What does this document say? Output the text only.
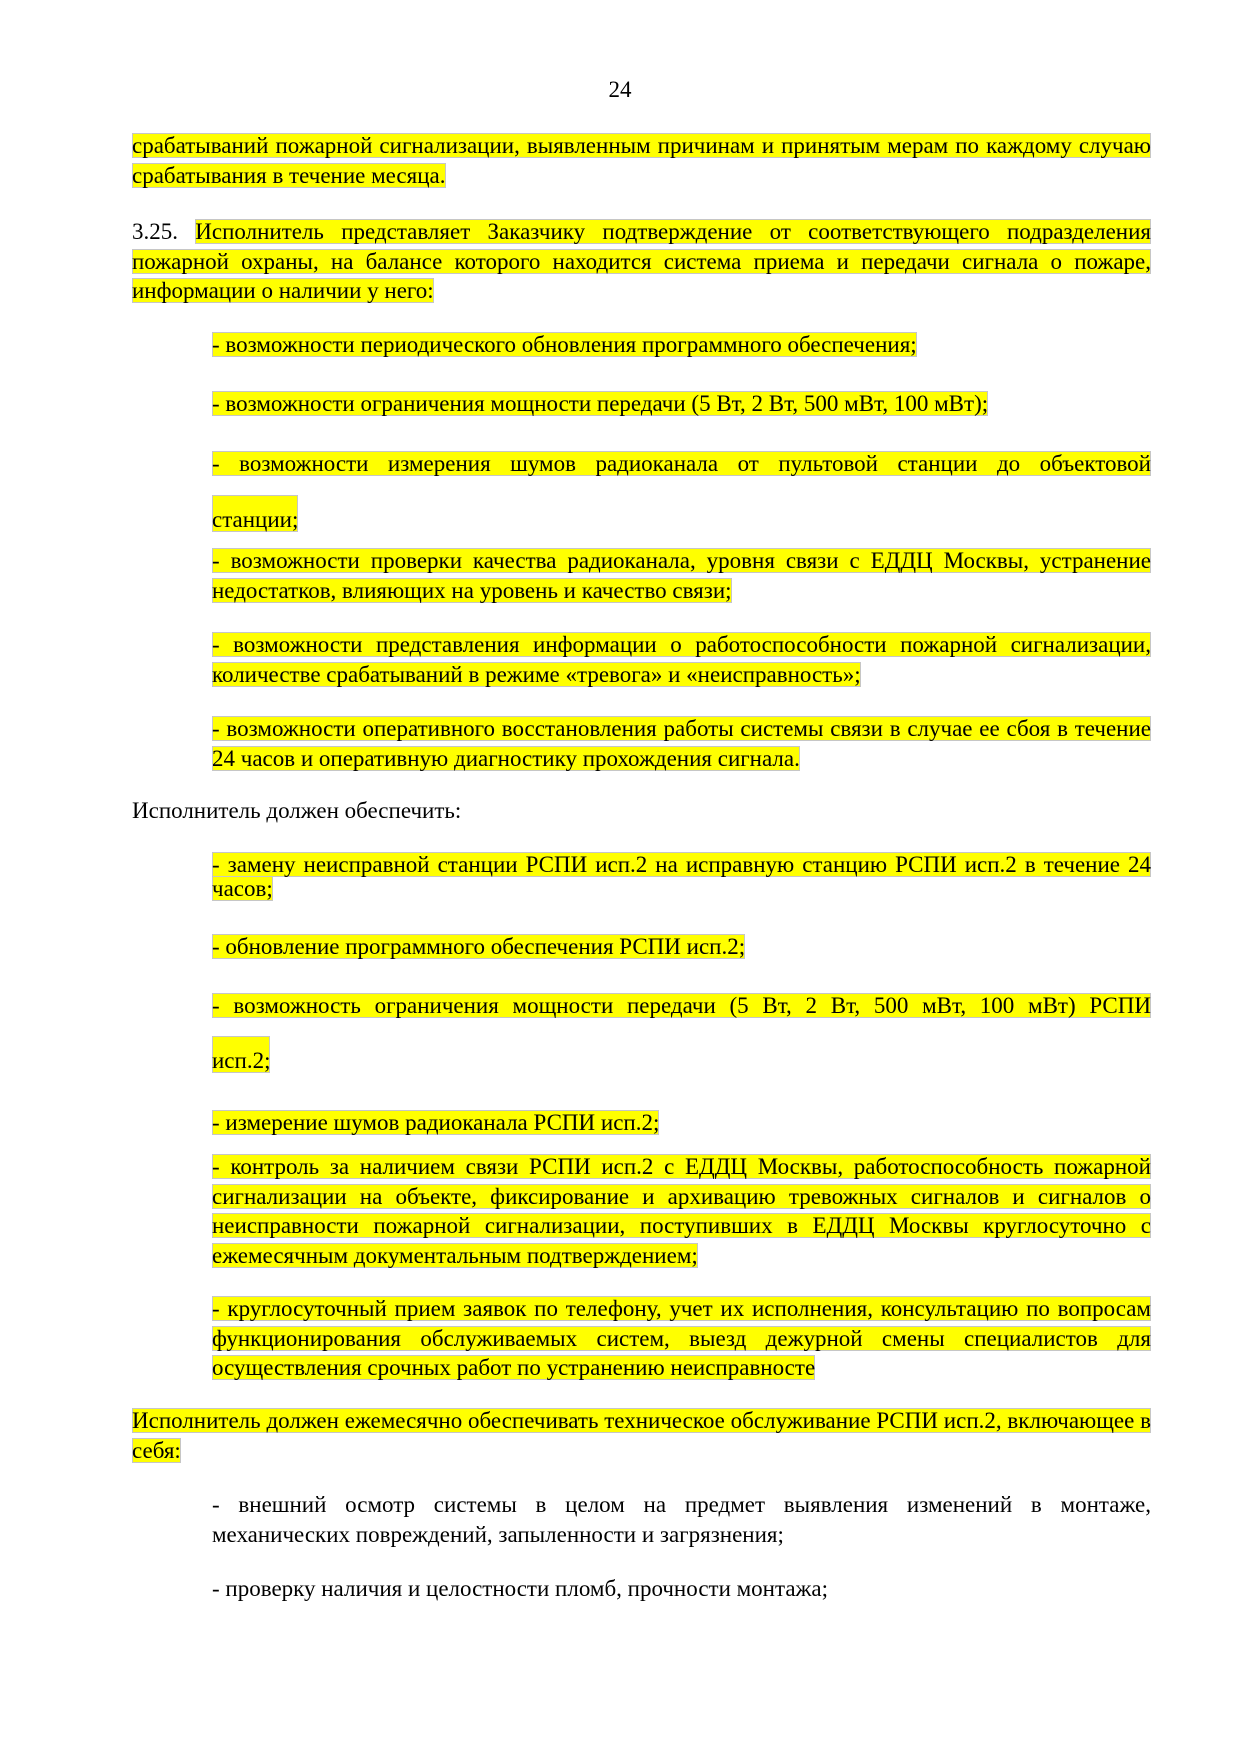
24

срабатываний пожарной сигнализации, выявленным причинам и принятым мерам по каждому случаю срабатывания в течение месяца.

3.25. Исполнитель представляет Заказчику подтверждение от соответствующего подразделения пожарной охраны, на балансе которого находится система приема и передачи сигнала о пожаре, информации о наличии у него:

- возможности периодического обновления программного обеспечения;

- возможности ограничения мощности передачи (5 Вт, 2 Вт, 500 мВт, 100 мВт);

- возможности измерения шумов радиоканала от пультовой станции до объектовой

станции;

- возможности проверки качества радиоканала, уровня связи с ЕДДЦ Москвы, устранение недостатков, влияющих на уровень и качество связи;

- возможности представления информации о работоспособности пожарной сигнализации, количестве срабатываний в режиме «тревога» и «неисправность»;

- возможности оперативного восстановления работы системы связи в случае ее сбоя в течение 24 часов и оперативную диагностику прохождения сигнала.

Исполнитель должен обеспечить:

- замену неисправной станции РСПИ исп.2 на исправную станцию РСПИ исп.2 в течение 24 часов;

- обновление программного обеспечения РСПИ исп.2;

- возможность ограничения мощности передачи (5 Вт, 2 Вт, 500 мВт, 100 мВт) РСПИ

исп.2;

- измерение шумов радиоканала РСПИ исп.2;

- контроль за наличием связи РСПИ исп.2 с ЕДДЦ Москвы, работоспособность пожарной сигнализации на объекте, фиксирование и архивацию тревожных сигналов и сигналов о неисправности пожарной сигнализации, поступивших в ЕДДЦ Москвы круглосуточно с ежемесячным документальным подтверждением;

- круглосуточный прием заявок по телефону, учет их исполнения, консультацию по вопросам функционирования обслуживаемых систем, выезд дежурной смены специалистов для осуществления срочных работ по устранению неисправносте

Исполнитель должен ежемесячно обеспечивать техническое обслуживание РСПИ исп.2, включающее в себя:

- внешний осмотр системы в целом на предмет выявления изменений в монтаже, механических повреждений, запыленности и загрязнения;

- проверку наличия и целостности пломб, прочности монтажа;
